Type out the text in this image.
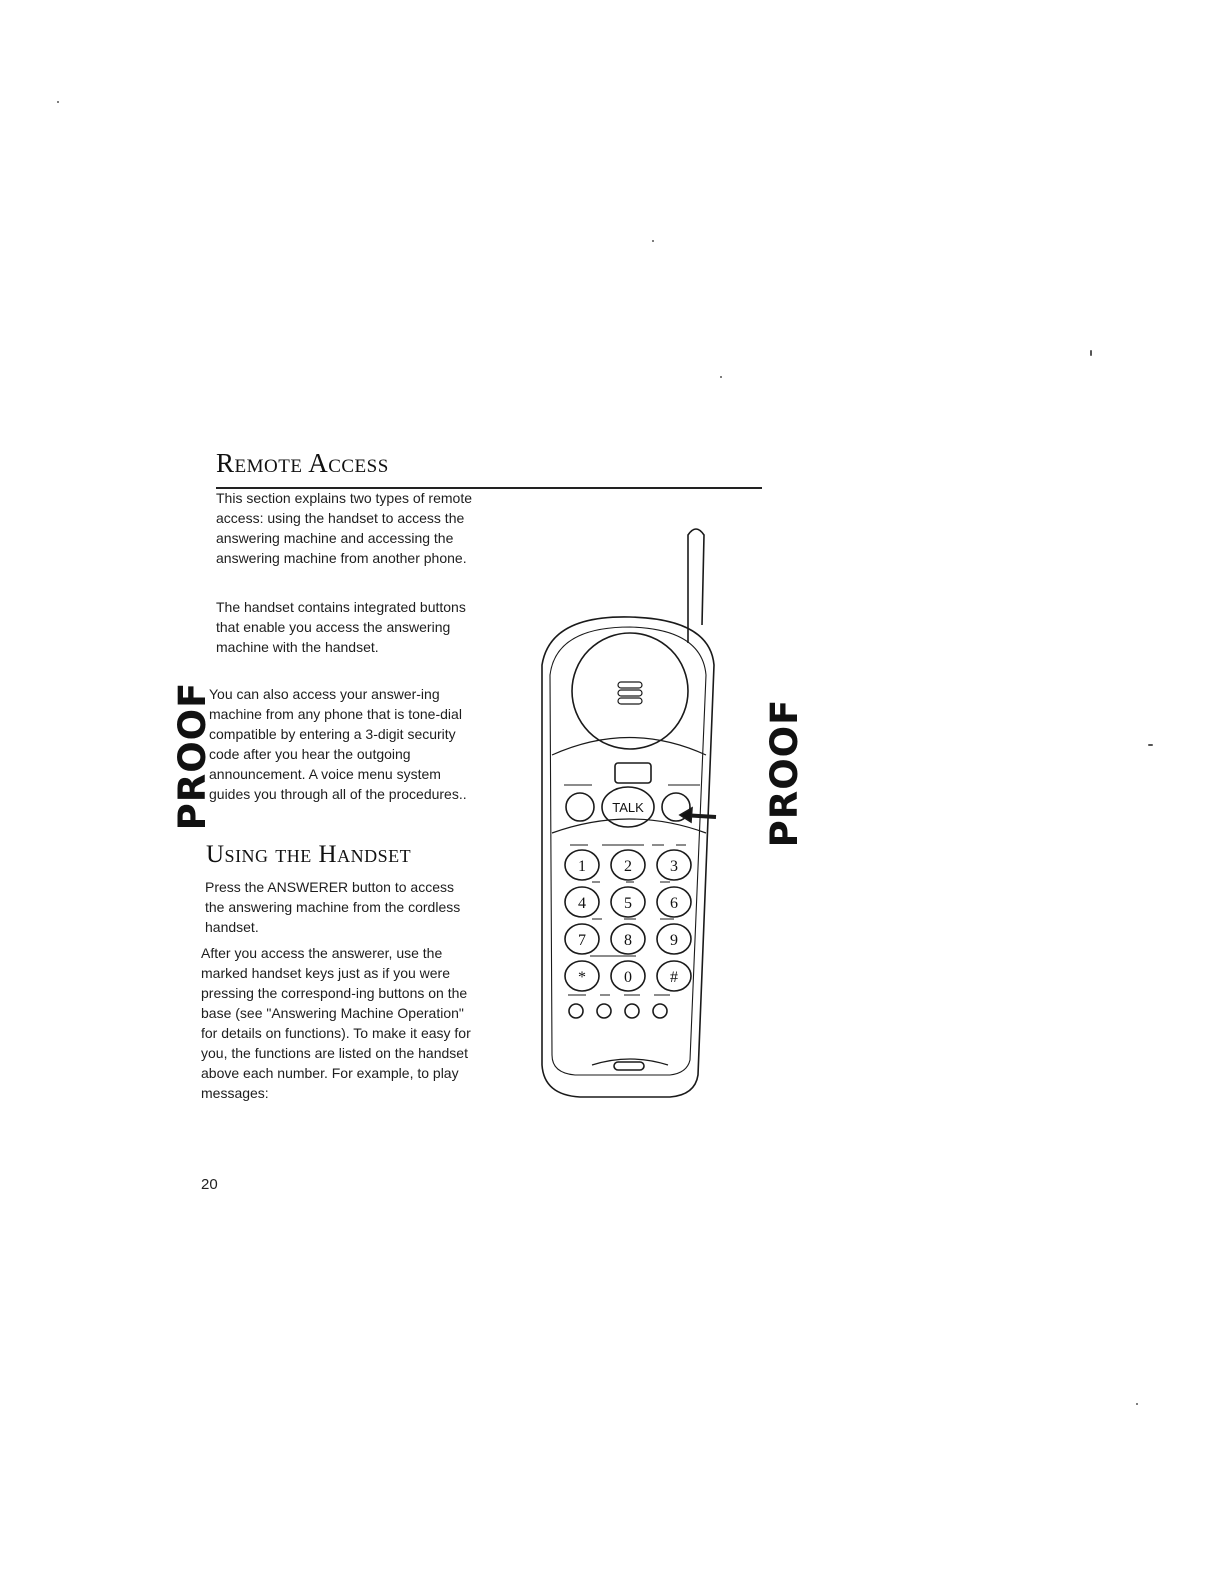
Remote Access

This section explains two types of remote access: using the handset to access the answering machine and accessing the answering machine from another phone.

The handset contains integrated buttons that enable you access the answering machine with the handset.

You can also access your answer-ing machine from any phone that is tone-dial compatible by entering a 3-digit security code after you hear the outgoing announcement. A voice menu system guides you through all of the procedures..

Using the Handset

Press the ANSWERER button to access the answering machine from the cordless handset.

After you access the answerer, use the marked handset keys just as if you were pressing the correspond-ing buttons on the base (see "Answering Machine Operation" for details on functions). To make it easy for you, the functions are listed on the handset above each number. For example, to play messages:

20
PROOF	PROOF
TALK
1 2 3
4 5 6
7 8 9
* 0 #
